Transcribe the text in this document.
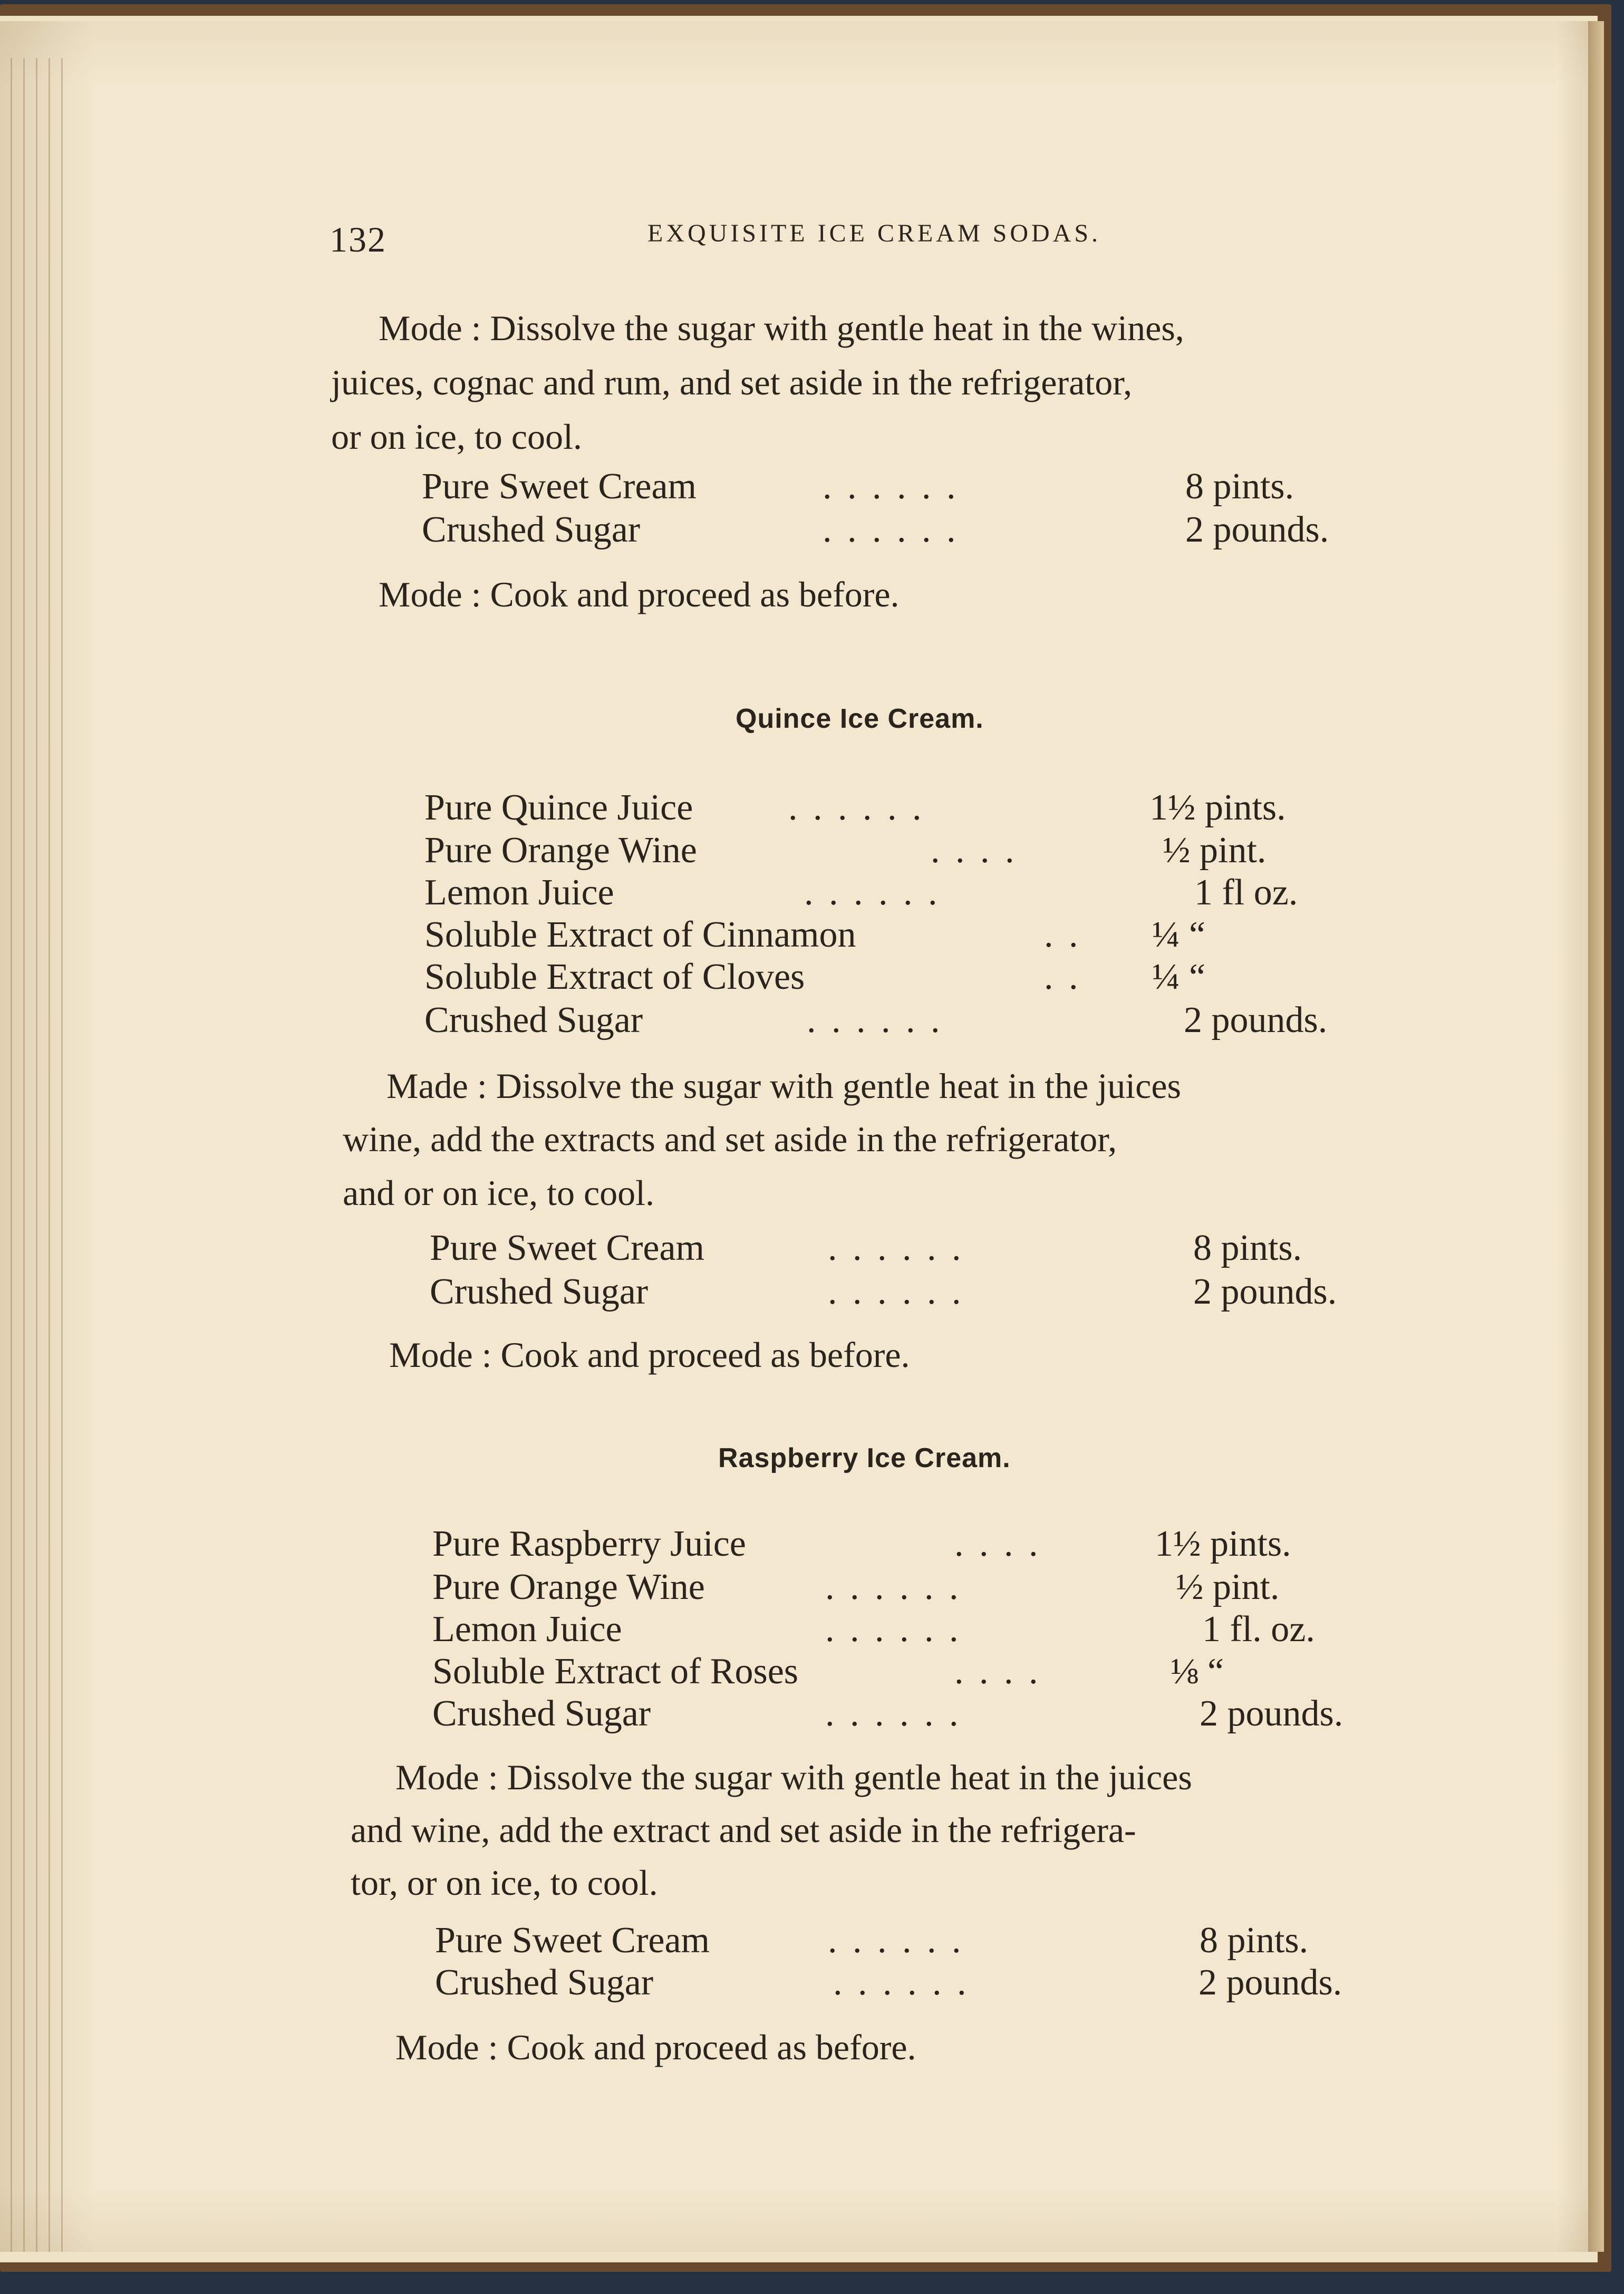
132	EXQUISITE ICE CREAM SODAS.

Mode : Dissolve the sugar with gentle heat in the wines,

juices, cognac and rum, and set aside in the refrigerator,

or on ice, to cool.

Pure Sweet Cream	. . . . . .	8 pints.
Crushed Sugar	. . . . . .	2 pounds.

Mode : Cook and proceed as before.

Quince Ice Cream.

Pure Quince Juice	. . . . . .	1½ pints.
Pure Orange Wine	. . . .	½ pint.
Lemon Juice	. . . . . .	1 fl oz.
Soluble Extract of Cinnamon	. . ¼ “
Soluble Extract of Cloves	. . ¼ “
Crushed Sugar	. . . . . .	2 pounds.

Made : Dissolve the sugar with gentle heat in the juices

wine, add the extracts and set aside in the refrigerator,

and or on ice, to cool.

Pure Sweet Cream	. . . . . .	8 pints.
Crushed Sugar	. . . . . .	2 pounds.

Mode : Cook and proceed as before.

Raspberry Ice Cream.

Pure Raspberry Juice	. . . .	1½ pints.
Pure Orange Wine	. . . . . .	½ pint.
Lemon Juice	. . . . . .	1 fl. oz.
Soluble Extract of Roses	. . . .	⅛ “
Crushed Sugar	. . . . . .	2 pounds.

Mode : Dissolve the sugar with gentle heat in the juices

and wine, add the extract and set aside in the refrigera-

tor, or on ice, to cool.

Pure Sweet Cream	. . . . . .	8 pints.
Crushed Sugar	. . . . . .	2 pounds.

Mode : Cook and proceed as before.
